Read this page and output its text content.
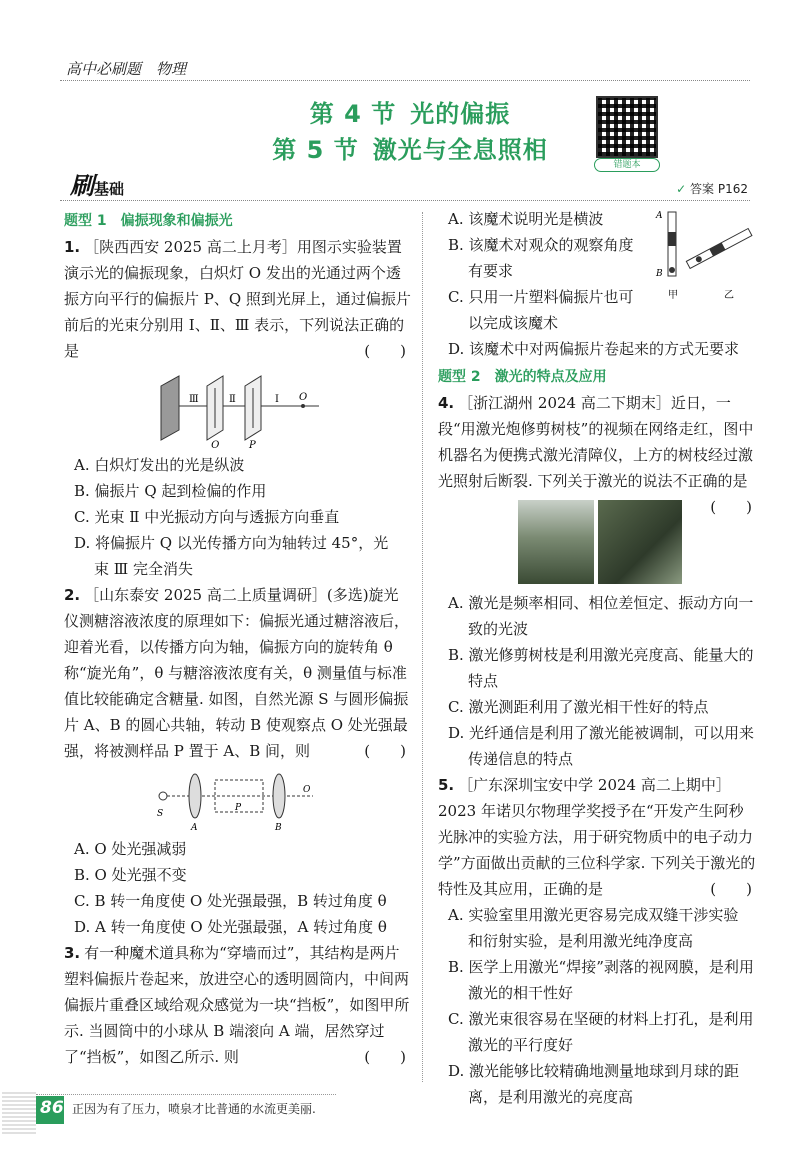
高中必刷题　物理
第 4 节 光的偏振
第 5 节 激光与全息照相
错题本
刷基础	✓ 答案 P162
题型 1　偏振现象和偏振光
1. ［陕西西安 2025 高二上月考］用图示实验装置演示光的偏振现象，白炽灯 O 发出的光通过两个透振方向平行的偏振片 P、Q 照到光屏上，通过偏振片前后的光束分别用 Ⅰ、Ⅱ、Ⅲ 表示，下列说法正确的是	(　　)
Ⅲ	Ⅱ	Ⅰ O
Q	P
A. 白炽灯发出的光是纵波
B. 偏振片 Q 起到检偏的作用
C. 光束 Ⅱ 中光振动方向与透振方向垂直
D. 将偏振片 Q 以光传播方向为轴转过 45°，光
束 Ⅲ 完全消失
2. ［山东泰安 2025 高二上质量调研］(多选)旋光仪测糖溶液浓度的原理如下：偏振光通过糖溶液后，迎着光看，以传播方向为轴，偏振方向的旋转角 θ 称“旋光角”，θ 与糖溶液浓度有关，θ 测量值与标准值比较能确定含糖量. 如图，自然光源 S 与圆形偏振片 A、B 的圆心共轴，转动 B 使观察点 O 处光强最强，将被测样品 P 置于 A、B 间，则	(　　)
S
A
P
B
O
A. O 处光强减弱
B. O 处光强不变
C. B 转一角度使 O 处光强最强，B 转过角度 θ
D. A 转一角度使 O 处光强最强，A 转过角度 θ
3. 有一种魔术道具称为“穿墙而过”，其结构是两片塑料偏振片卷起来，放进空心的透明圆筒内，中间两偏振片重叠区域给观众感觉为一块“挡板”，如图甲所示. 当圆筒中的小球从 B 端滚向 A 端，居然穿过了“挡板”，如图乙所示. 则	(　　)
A. 该魔术说明光是横波
B. 该魔术对观众的观察角度
有要求
C. 只用一片塑料偏振片也可
以完成该魔术
D. 该魔术中对两偏振片卷起来的方式无要求
A
B
甲	乙
题型 2　激光的特点及应用
4. ［浙江湖州 2024 高二下期末］近日，一段“用激光炮修剪树枝”的视频在网络走红，图中机器名为便携式激光清障仪，上方的树枝经过激光照射后断裂. 下列关于激光的说法不正确的是
(　　)
A. 激光是频率相同、相位差恒定、振动方向一
致的光波
B. 激光修剪树枝是利用激光亮度高、能量大的
特点
C. 激光测距利用了激光相干性好的特点
D. 光纤通信是利用了激光能被调制，可以用来
传递信息的特点
5. ［广东深圳宝安中学 2024 高二上期中］2023 年诺贝尔物理学奖授予在“开发产生阿秒光脉冲的实验方法，用于研究物质中的电子动力学”方面做出贡献的三位科学家. 下列关于激光的特性及其应用，正确的是	(　　)
A. 实验室里用激光更容易完成双缝干涉实验
和衍射实验，是利用激光纯净度高
B. 医学上用激光“焊接”剥落的视网膜，是利用
激光的相干性好
C. 激光束很容易在坚硬的材料上打孔，是利用
激光的平行度好
D. 激光能够比较精确地测量地球到月球的距
离，是利用激光的亮度高
86 正因为有了压力，喷泉才比普通的水流更美丽.
